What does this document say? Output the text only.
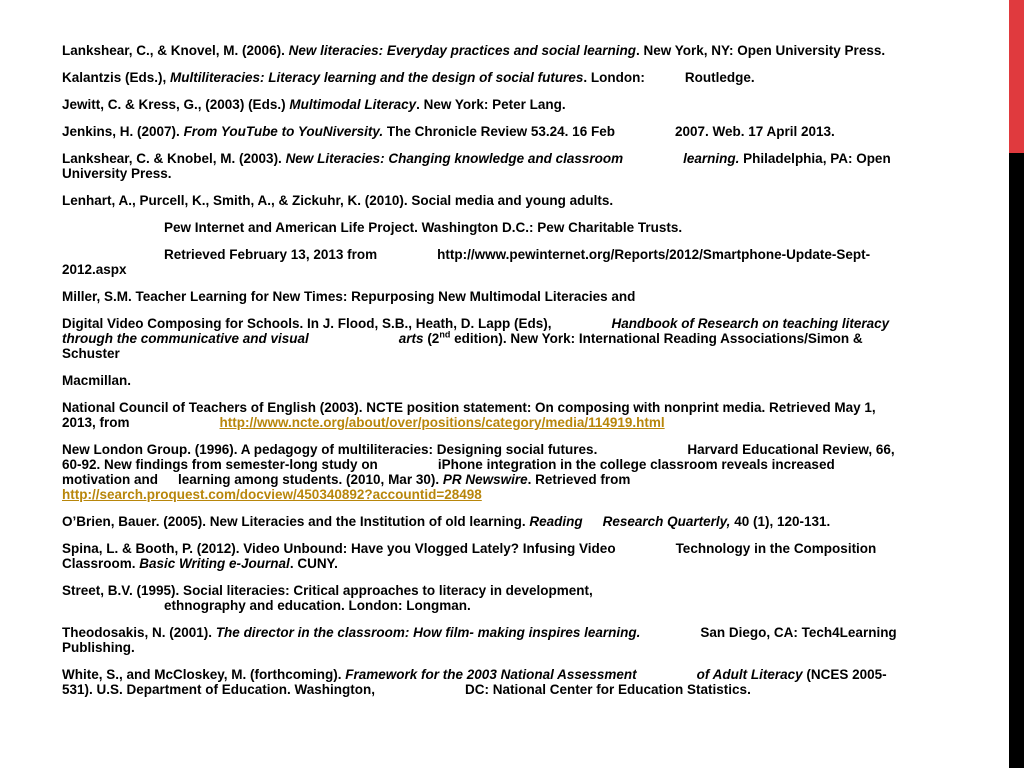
Lankshear, C., & Knovel, M. (2006). New literacies: Everyday practices and social learning. New York, NY: Open University Press.
Kalantzis (Eds.), Multiliteracies: Literacy learning and the design of social futures. London:	Routledge.
Jewitt, C. & Kress, G., (2003) (Eds.) Multimodal Literacy. New York: Peter Lang.
Jenkins, H. (2007). From YouTube to YouNiversity. The Chronicle Review 53.24. 16 Feb	2007. Web. 17 April 2013.
Lankshear, C. & Knobel, M. (2003). New Literacies: Changing knowledge and classroom	learning. Philadelphia, PA: Open University Press.

Lenhart, A., Purcell, K., Smith, A., & Zickuhr, K. (2010). Social media and young adults.

Pew Internet and American Life Project. Washington D.C.: Pew Charitable Trusts.

Retrieved February 13, 2013 from	http://www.pewinternet.org/Reports/2012/Smartphone-Update-Sept-2012.aspx

Miller, S.M. Teacher Learning for New Times: Repurposing New Multimodal Literacies and

Digital Video Composing for Schools. In J. Flood, S.B., Heath, D. Lapp (Eds),	Handbook of Research on teaching literacy through the communicative and visual	arts (2nd edition). New York: International Reading Associations/Simon & Schuster

Macmillan.

National Council of Teachers of English (2003). NCTE position statement: On composing with nonprint media. Retrieved May 1, 2013, from	http://www.ncte.org/about/over/positions/category/media/114919.html
New London Group. (1996). A pedagogy of multiliteracies: Designing social futures.	Harvard Educational Review, 66, 60-92. New findings from semester-long study on	iPhone integration in the college classroom reveals increased motivation and learning among students. (2010, Mar 30). PR Newswire. Retrieved fromhttp://search.proquest.com/docview/450340892?accountid=28498
O’Brien, Bauer. (2005). New Literacies and the Institution of old learning. Reading Research Quarterly, 40 (1), 120-131.
Spina, L. & Booth, P. (2012). Video Unbound: Have you Vlogged Lately? Infusing Video	Technology in the Composition Classroom. Basic Writing e-Journal. CUNY.
Street, B.V. (1995). Social literacies: Critical approaches to literacy in development,
ethnography and education. London: Longman.
Theodosakis, N. (2001). The director in the classroom: How film- making inspires learning.	San Diego, CA: Tech4Learning Publishing.
White, S., and McCloskey, M. (forthcoming). Framework for the 2003 National Assessment	of Adult Literacy (NCES 2005-531). U.S. Department of Education. Washington,	DC: National Center for Education Statistics.
